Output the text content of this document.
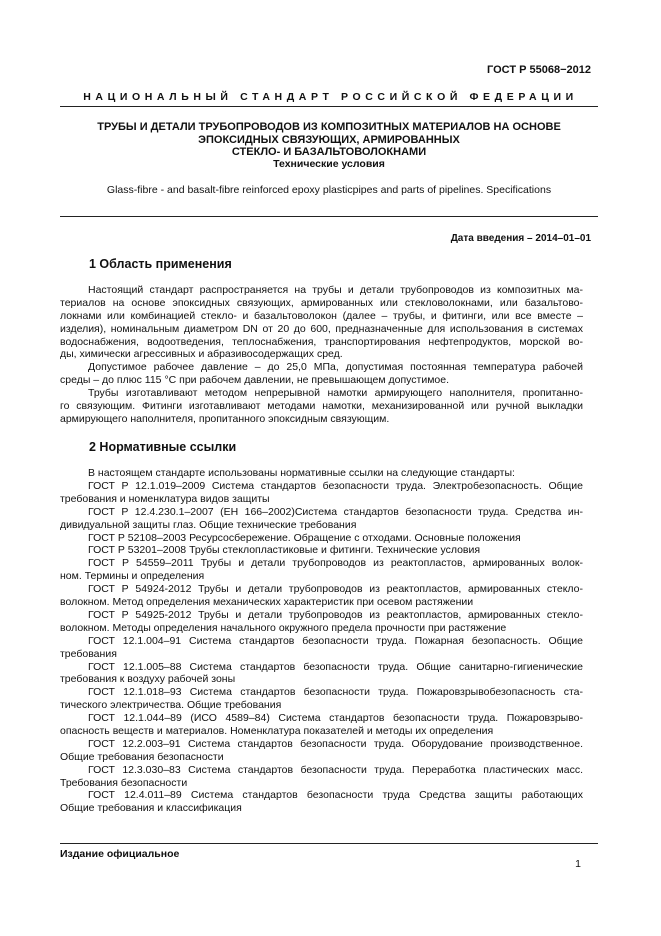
ГОСТ Р 55068−2012
НАЦИОНАЛЬНЫЙ СТАНДАРТ РОССИЙСКОЙ ФЕДЕРАЦИИ
ТРУБЫ И ДЕТАЛИ ТРУБОПРОВОДОВ ИЗ КОМПОЗИТНЫХ МАТЕРИАЛОВ НА ОСНОВЕ
ЭПОКСИДНЫХ СВЯЗУЮЩИХ, АРМИРОВАННЫХ
СТЕКЛО- И БАЗАЛЬТОВОЛОКНАМИ
Технические условия
Glass-fibre - and basalt-fibre reinforced epoxy plasticpipes and parts of pipelines. Specifications
Дата введения – 2014–01–01
1 Область применения
Настоящий стандарт распространяется на трубы и детали трубопроводов из композитных ма-
териалов на основе эпоксидных связующих, армированных или стекловолокнами, или базальтово-
локнами или комбинацией стекло- и базальтоволокон (далее – трубы, и фитинги, или все вместе –
изделия), номинальным диаметром DN от 20 до 600, предназначенные для использования в системах
водоснабжения, водоотведения, теплоснабжения, транспортирования нефтепродуктов, морской во-
ды, химически агрессивных и абразивосодержащих сред.
Допустимое рабочее давление – до 25,0 МПа, допустимая постоянная температура рабочей
среды – до плюс 115 °С при рабочем давлении, не превышающем допустимое.
Трубы изготавливают методом непрерывной намотки армирующего наполнителя, пропитанно-
го связующим. Фитинги изготавливают методами намотки, механизированной или ручной выкладки
армирующего наполнителя, пропитанного эпоксидным связующим.
2 Нормативные ссылки
В настоящем стандарте использованы нормативные ссылки на следующие стандарты:
ГОСТ Р 12.1.019–2009 Система стандартов безопасности труда. Электробезопасность. Общие
требования и номенклатура видов защиты
ГОСТ Р 12.4.230.1–2007 (ЕН 166–2002)Система стандартов безопасности труда. Средства ин-
дивидуальной защиты глаз. Общие технические требования
ГОСТ Р 52108–2003 Ресурсосбережение. Обращение с отходами. Основные положения
ГОСТ Р 53201–2008 Трубы стеклопластиковые и фитинги. Технические условия
ГОСТ Р 54559–2011 Трубы и детали трубопроводов из реактопластов, армированных волок-
ном. Термины и определения
ГОСТ Р 54924-2012 Трубы и детали трубопроводов из реактопластов, армированных стекло-
волокном. Метод определения механических характеристик при осевом растяжении
ГОСТ Р 54925-2012 Трубы и детали трубопроводов из реактопластов, армированных стекло-
волокном. Методы определения начального окружного предела прочности при растяжение
ГОСТ 12.1.004–91 Система стандартов безопасности труда. Пожарная безопасность. Общие
требования
ГОСТ 12.1.005–88 Система стандартов безопасности труда. Общие санитарно-гигиенические
требования к воздуху рабочей зоны
ГОСТ 12.1.018–93 Система стандартов безопасности труда. Пожаровзрывобезопасность ста-
тического электричества. Общие требования
ГОСТ 12.1.044–89 (ИСО 4589–84) Система стандартов безопасности труда. Пожаровзрыво-
опасность веществ и материалов. Номенклатура показателей и методы их определения
ГОСТ 12.2.003–91 Система стандартов безопасности труда. Оборудование производственное.
Общие требования безопасности
ГОСТ 12.3.030–83 Система стандартов безопасности труда. Переработка пластических масс.
Требования безопасности
ГОСТ 12.4.011–89 Система стандартов безопасности труда Средства защиты работающих
Общие требования и классификация
Издание официальное
1
